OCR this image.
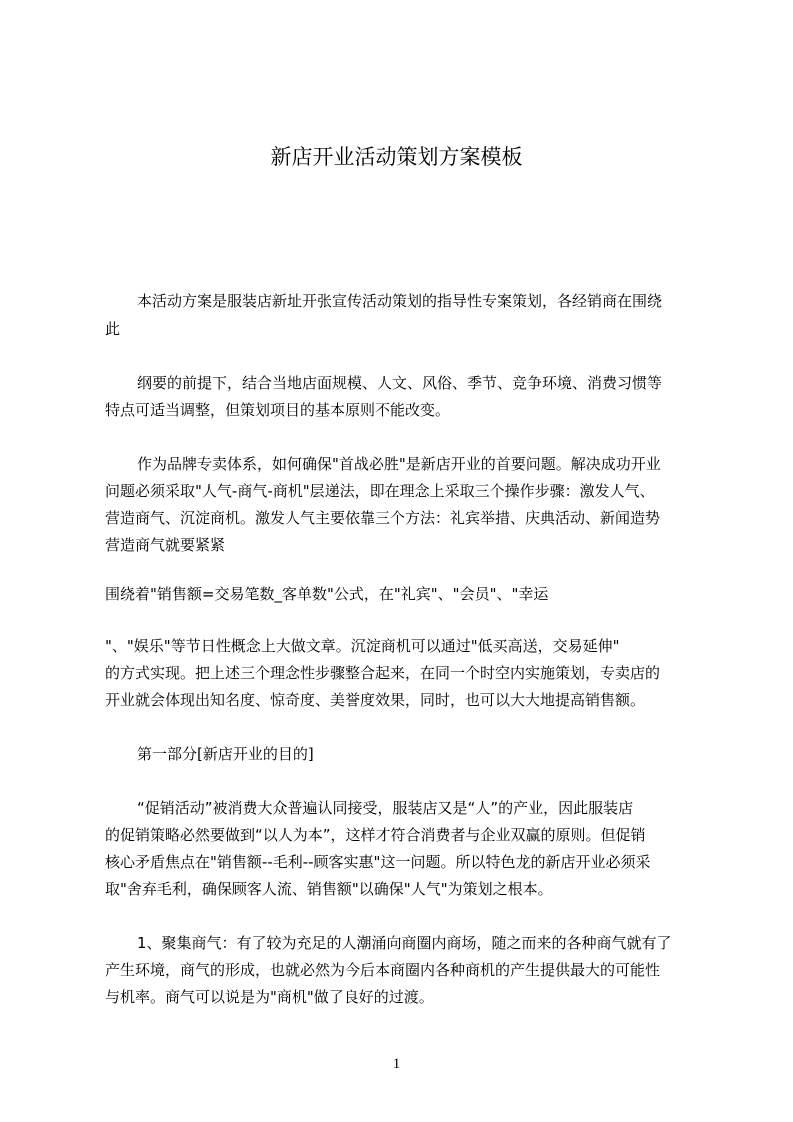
新店开业活动策划方案模板
本活动方案是服装店新址开张宣传活动策划的指导性专案策划，各经销商在围绕
此
纲要的前提下，结合当地店面规模、人文、风俗、季节、竞争环境、消费习惯等
特点可适当调整，但策划项目的基本原则不能改变。
作为品牌专卖体系，如何确保"首战必胜"是新店开业的首要问题。解决成功开业
问题必须采取"人气-商气-商机"层递法，即在理念上采取三个操作步骤：激发人气、
营造商气、沉淀商机。激发人气主要依靠三个方法：礼宾举措、庆典活动、新闻造势
营造商气就要紧紧
围绕着"销售额=交易笔数_客单数"公式，在"礼宾"、"会员"、"幸运
"、"娱乐"等节日性概念上大做文章。沉淀商机可以通过"低买高送，交易延伸"
的方式实现。把上述三个理念性步骤整合起来，在同一个时空内实施策划，专卖店的
开业就会体现出知名度、惊奇度、美誉度效果，同时，也可以大大地提高销售额。
第一部分[新店开业的目的]
“促销活动”被消费大众普遍认同接受，服装店又是“人”的产业，因此服装店
的促销策略必然要做到“以人为本”，这样才符合消费者与企业双赢的原则。但促销
核心矛盾焦点在"销售额--毛利--顾客实惠"这一问题。所以特色龙的新店开业必须采
取"舍弃毛利，确保顾客人流、销售额"以确保"人气"为策划之根本。
1、聚集商气：有了较为充足的人潮涌向商圈内商场，随之而来的各种商气就有了
产生环境，商气的形成，也就必然为今后本商圈内各种商机的产生提供最大的可能性
与机率。商气可以说是为"商机"做了良好的过渡。
1
